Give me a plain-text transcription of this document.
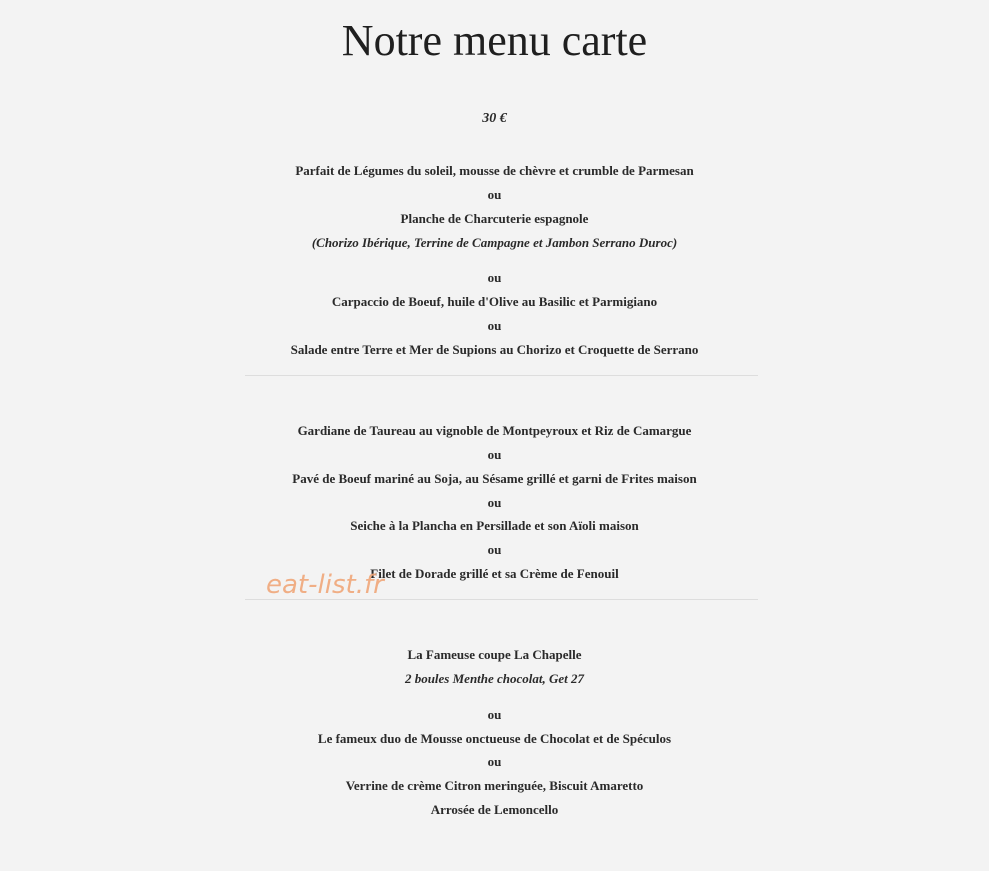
Notre menu carte
30 €
Parfait de Légumes du soleil, mousse de chèvre et crumble de Parmesan
ou
Planche de Charcuterie espagnole
(Chorizo Ibérique, Terrine de Campagne et Jambon Serrano Duroc)
ou
Carpaccio de Boeuf, huile d'Olive au Basilic et Parmigiano
ou
Salade entre Terre et Mer de Supions au Chorizo et Croquette de Serrano
Gardiane de Taureau au vignoble de Montpeyroux et Riz de Camargue
ou
Pavé de Boeuf mariné au Soja, au Sésame grillé et garni de Frites maison
ou
Seiche à la Plancha en Persillade et son Aïoli maison
ou
Filet de Dorade grillé et sa Crème de Fenouil
eat-list.fr
La Fameuse coupe La Chapelle
2 boules Menthe chocolat, Get 27
ou
Le fameux duo de Mousse onctueuse de Chocolat et de Spéculos
ou
Verrine de crème Citron meringuée, Biscuit Amaretto
Arrosée de Lemoncello
